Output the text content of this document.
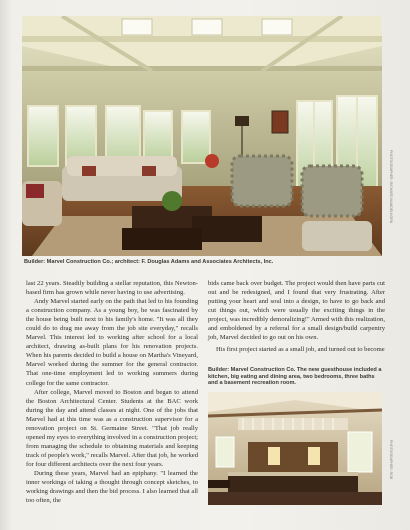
PHOTOGRAPHER: RICHARD MANDELKORN
Builder: Marvel Construction Co.; architect: F. Douglas Adams and Associates Architects, Inc.

last 22 years. Steadily building a stellar reputation, this Newton-based firm has grown while never having to use advertising.

Andy Marvel started early on the path that led to his founding a construction company. As a young boy, he was fascinated by the house being built next to his family's home. "It was all they could do to drag me away from the job site everyday," recalls Marvel. This interest led to working after school for a local architect, drawing as-built plans for his renovation projects. When his parents decided to build a house on Martha's Vineyard, Marvel worked during the summer for the general contractor. That one-time employment led to working summers during college for the same contractor.

After college, Marvel moved to Boston and began to attend the Boston Architectural Center. Students at the BAC work during the day and attend classes at night. One of the jobs that Marvel had at this time was as a construction supervisor for a renovation project on St. Germaine Street. "That job really opened my eyes to everything involved in a construction project; from managing the schedule to obtaining materials and keeping track of people's work," recalls Marvel. After that job, he worked for four different architects over the next four years.

During these years, Marvel had an epiphany. "I learned the inner workings of taking a thought through concept sketches, to working drawings and then the bid process. I also learned that all too often, the

bids came back over budget. The project would then have parts cut out and be redesigned, and I found that very frustrating. After putting your heart and soul into a design, to have to go back and cut things out, which were usually the exciting things in the project, was incredibly demoralizing!" Armed with this realization, and emboldened by a referral for a small design/build carpentry job, Marvel decided to go out on his own.

His first project started as a small job, and turned out to become

Builder: Marvel Construction Co. The new guesthouse included a kitchen, big eating and dining area, two bedrooms, three baths and a basement recreation room.
PHOTOGRAPHER: ROB
